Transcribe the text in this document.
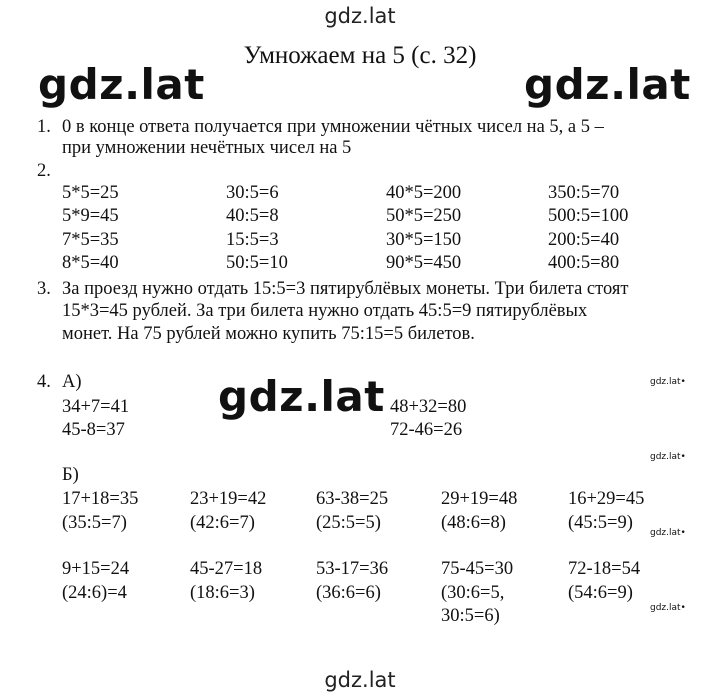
gdz.lat
gdz.lat	gdz.lat
gdz.lat	gdz.lat•
gdz.lat•
gdz.lat•
gdz.lat•
gdz.lat
Умножаем на 5 (с. 32)
1. 0 в конце ответа получается при умножении чётных чисел на 5, а 5 –
при умножении нечётных чисел на 5
2.
5*5=25
5*9=45
7*5=35
8*5=40
30:5=6
40:5=8
15:5=3
50:5=10
40*5=200
50*5=250
30*5=150
90*5=450
350:5=70
500:5=100
200:5=40
400:5=80
3. За проезд нужно отдать 15:5=3 пятирублёвых монеты. Три билета стоят
15*3=45 рублей. За три билета нужно отдать 45:5=9 пятирублёвых
монет. На 75 рублей можно купить 75:15=5 билетов.
4. А)
34+7=41
45-8=37
48+32=80
72-46=26
Б)
17+18=35
(35:5=7)
23+19=42
(42:6=7)
63-38=25
(25:5=5)
29+19=48
(48:6=8)
16+29=45
(45:5=9)
9+15=24
(24:6)=4
45-27=18
(18:6=3)
53-17=36
(36:6=6)
75-45=30
(30:6=5,
30:5=6)
72-18=54
(54:6=9)
